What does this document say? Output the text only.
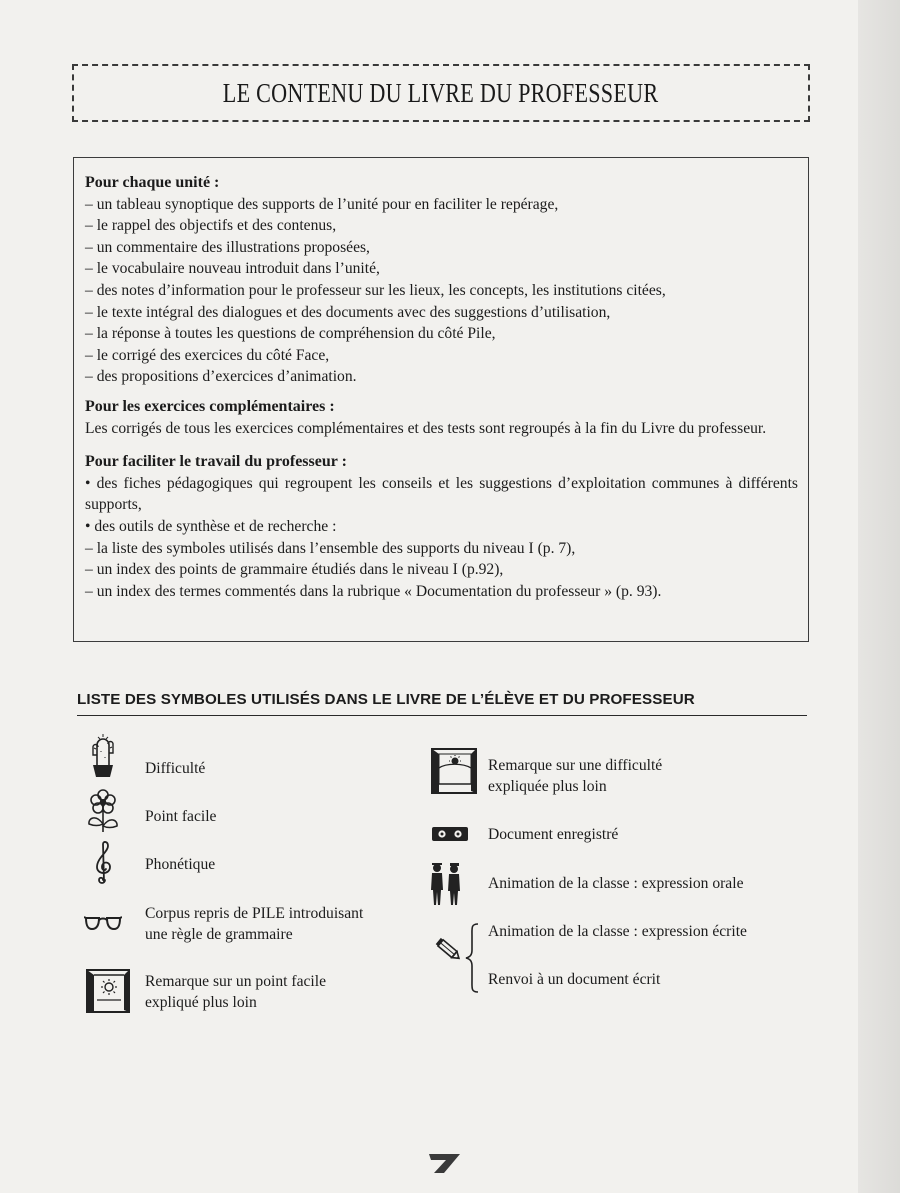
LE CONTENU DU LIVRE DU PROFESSEUR
Pour chaque unité :
– un tableau synoptique des supports de l’unité pour en faciliter le repérage,
– le rappel des objectifs et des contenus,
– un commentaire des illustrations proposées,
– le vocabulaire nouveau introduit dans l’unité,
– des notes d’information pour le professeur sur les lieux, les concepts, les institutions citées,
– le texte intégral des dialogues et des documents avec des suggestions d’utilisation,
– la réponse à toutes les questions de compréhension du côté Pile,
– le corrigé des exercices du côté Face,
– des propositions d’exercices d’animation.
Pour les exercices complémentaires :
Les corrigés de tous les exercices complémentaires et des tests sont regroupés à la fin du Livre du professeur.
Pour faciliter le travail du professeur :
• des fiches pédagogiques qui regroupent les conseils et les suggestions d’exploitation communes à différents supports,
• des outils de synthèse et de recherche :
– la liste des symboles utilisés dans l’ensemble des supports du niveau I (p. 7),
– un index des points de grammaire étudiés dans le niveau I (p.92),
– un index des termes commentés dans la rubrique « Documentation du professeur » (p. 93).
LISTE DES SYMBOLES UTILISÉS DANS LE LIVRE DE L’ÉLÈVE ET DU PROFESSEUR
Difficulté
Point facile
Phonétique
Corpus repris de PILE introduisant
une règle de grammaire
Remarque sur un point facile
expliqué plus loin
Remarque sur une difficulté
expliquée plus loin
Document enregistré
Animation de la classe : expression orale
Animation de la classe : expression écrite
Renvoi à un document écrit
